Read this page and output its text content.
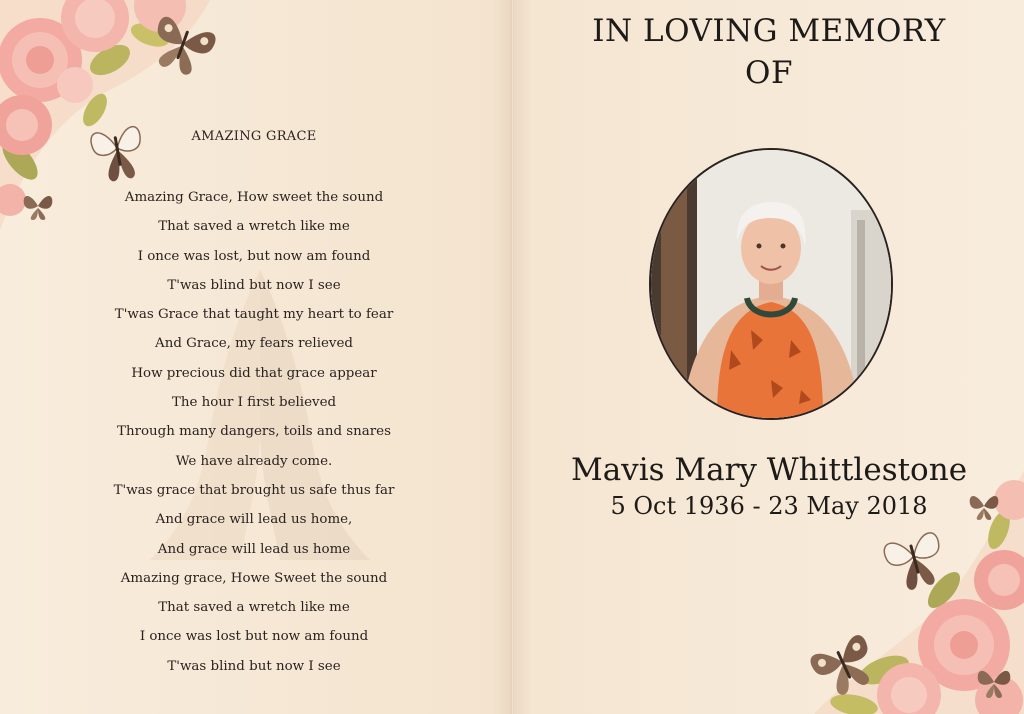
AMAZING GRACE
Amazing Grace, How sweet the sound
That saved a wretch like me
I once was lost, but now am found
T'was blind but now I see
T'was Grace that taught my heart to fear
And Grace, my fears relieved
How precious did that grace appear
The hour I first believed
Through many dangers, toils and snares
We have already come.
T'was grace that brought us safe thus far
And grace will lead us home,
And grace will lead us home
Amazing grace, Howe Sweet the sound
That saved a wretch like me
I once was lost but now am found
T'was blind but now I see
IN LOVING MEMORY
OF
Mavis Mary Whittlestone
5 Oct 1936 - 23 May 2018
